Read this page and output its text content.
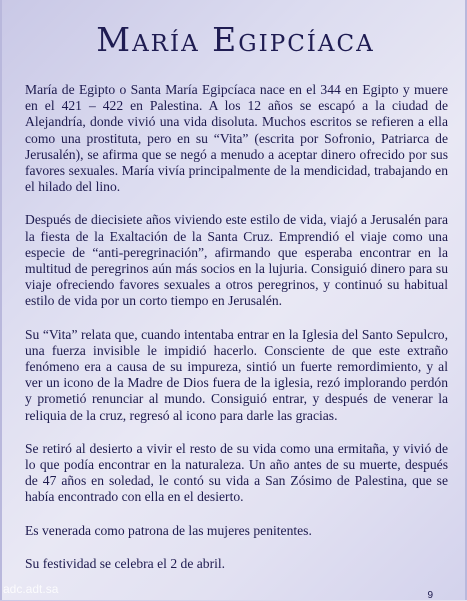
María Egipcíaca

María de Egipto o Santa María Egipcíaca nace en el 344 en Egipto y muere en el 421 – 422 en Palestina. A los 12 años se escapó a la ciudad de Alejandría, donde vivió una vida disoluta. Muchos escritos se refieren a ella como una prostituta, pero en su “Vita” (escrita por Sofronio, Patriarca de Jerusalén), se afirma que se negó a menudo a aceptar dinero ofrecido por sus favores sexuales. María vivía principalmente de la mendicidad, trabajando en el hilado del lino.

Después de diecisiete años viviendo este estilo de vida, viajó a Jerusalén para la fiesta de la Exaltación de la Santa Cruz. Emprendió el viaje como una especie de “anti-peregrinación”, afirmando que esperaba encontrar en la multitud de peregrinos aún más socios en la lujuria. Consiguió dinero para su viaje ofreciendo favores sexuales a otros peregrinos, y continuó su habitual estilo de vida por un corto tiempo en Jerusalén.

Su “Vita” relata que, cuando intentaba entrar en la Iglesia del Santo Sepulcro, una fuerza invisible le impidió hacerlo. Consciente de que este extraño fenómeno era a causa de su impureza, sintió un fuerte remordimiento, y al ver un icono de la Madre de Dios fuera de la iglesia, rezó implorando perdón y prometió renunciar al mundo. Consiguió entrar, y después de venerar la reliquia de la cruz, regresó al icono para darle las gracias.

Se retiró al desierto a vivir el resto de su vida como una ermitaña, y vivió de lo que podía encontrar en la naturaleza. Un año antes de su muerte, después de 47 años en soledad, le contó su vida a San Zósimo de Palestina, que se había encontrado con ella en el desierto.

Es venerada como patrona de las mujeres penitentes.

Su festividad se celebra el 2 de abril.

adc.adt.sa	9
